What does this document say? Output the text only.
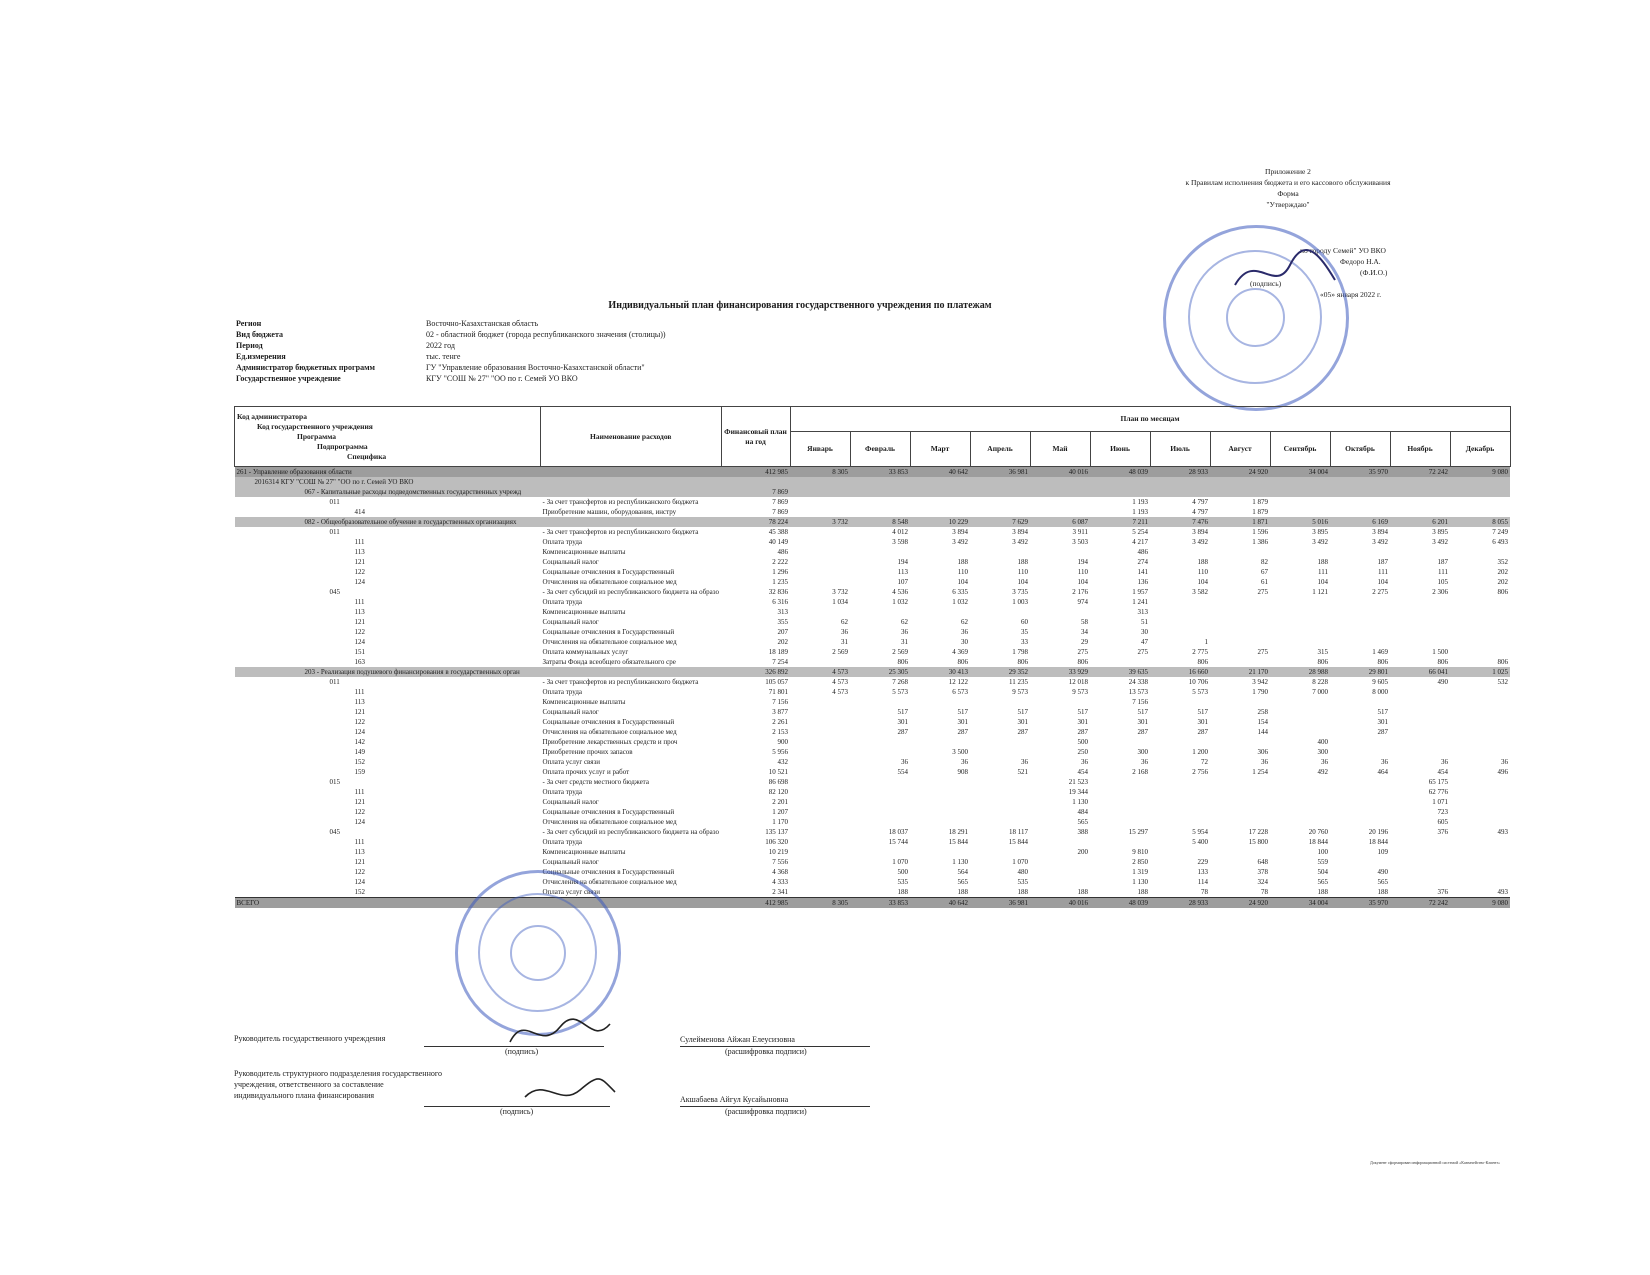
Приложение 2
к Правилам исполнения бюджета и его кассового обслуживания
Форма
"Утверждаю"
по городу Семей" УО ВКО
Федоро Н.А.
(Ф.И.О.)
(подпись)
«05» января 2022 г.
Индивидуальный план финансирования государственного учреждения по платежам
Регион	Восточно-Казахстанская область
Вид бюджета	02 - областной бюджет (города республиканского значения (столицы))
Период	2022 год
Ед.измерения	тыс. тенге
Администратор бюджетных программ	ГУ "Управление образования Восточно-Казахстанской области"
Государственное учреждение	КГУ "СОШ № 27" "ОО по г. Семей УО ВКО
Код администратора
Код государственного учреждения
Программа
Подпрограмма
Специфика	Наименование расходов	Финансовый план на год	План по месяцам											
			Январь	Февраль	Март	Апрель	Май	Июнь	Июль	Август	Сентябрь	Октябрь	Ноябрь	Декабрь
261 - Управление образования области		412 985	8 305	33 853	40 642	36 981	40 016	48 039	28 933	24 920	34 004	35 970	72 242	9 080
2016314 КГУ "СОШ № 27" "ОО по г. Семей УО ВКО														
067 - Капитальные расходы подведомственных государственных учрежд		7 869												
011	- За счет трансфертов из республиканского бюджета	7 869						1 193	4 797	1 879				
414	Приобретение машин, оборудования, инстру	7 869						1 193	4 797	1 879				
082 - Общеобразовательное обучение в государственных организациях		78 224	3 732	8 548	10 229	7 629	6 087	7 211	7 476	1 871	5 016	6 169	6 201	8 055
011	- За счет трансфертов из республиканского бюджета	45 388		4 012	3 894	3 894	3 911	5 254	3 894	1 596	3 895	3 894	3 895	7 249
111	Оплата труда	40 149		3 598	3 492	3 492	3 503	4 217	3 492	1 386	3 492	3 492	3 492	6 493
113	Компенсационные выплаты	486						486						
121	Социальный налог	2 222		194	188	188	194	274	188	82	188	187	187	352
122	Социальные отчисления в Государственный	1 296		113	110	110	110	141	110	67	111	111	111	202
124	Отчисления на обязательное социальное мед	1 235		107	104	104	104	136	104	61	104	104	105	202
045	- За счет субсидий из республиканского бюджета на образо	32 836	3 732	4 536	6 335	3 735	2 176	1 957	3 582	275	1 121	2 275	2 306	806
111	Оплата труда	6 316	1 034	1 032	1 032	1 003	974	1 241						
113	Компенсационные выплаты	313						313						
121	Социальный налог	355	62	62	62	60	58	51						
122	Социальные отчисления в Государственный	207	36	36	36	35	34	30						
124	Отчисления на обязательное социальное мед	202	31	31	30	33	29	47	1					
151	Оплата коммунальных услуг	18 189	2 569	2 569	4 369	1 798	275	275	2 775	275	315	1 469	1 500	
163	Затраты Фонда всеобщего обязательного сре	7 254		806	806	806	806		806		806	806	806	806
203 - Реализация подушевого финансирования в государственных орган		326 892	4 573	25 305	30 413	29 352	33 929	39 635	16 660	21 170	28 988	29 801	66 041	1 025
011	- За счет трансфертов из республиканского бюджета	105 057	4 573	7 268	12 122	11 235	12 018	24 338	10 706	3 942	8 228	9 605	490	532
111	Оплата труда	71 801	4 573	5 573	6 573	9 573	9 573	13 573	5 573	1 790	7 000	8 000		
113	Компенсационные выплаты	7 156						7 156						
121	Социальный налог	3 877		517	517	517	517	517	517	258		517		
122	Социальные отчисления в Государственный	2 261		301	301	301	301	301	301	154		301		
124	Отчисления на обязательное социальное мед	2 153		287	287	287	287	287	287	144		287		
142	Приобретение лекарственных средств и проч	900					500				400			
149	Приобретение прочих запасов	5 956			3 500		250	300	1 200	306	300			
152	Оплата услуг связи	432		36	36	36	36	36	72	36	36	36	36	36
159	Оплата прочих услуг и работ	10 521		554	908	521	454	2 168	2 756	1 254	492	464	454	496
015	- За счет средств местного бюджета	86 698					21 523						65 175	
111	Оплата труда	82 120					19 344						62 776	
121	Социальный налог	2 201					1 130						1 071	
122	Социальные отчисления в Государственный	1 207					484						723	
124	Отчисления на обязательное социальное мед	1 170					565						605	
045	- За счет субсидий из республиканского бюджета на образо	135 137		18 037	18 291	18 117	388	15 297	5 954	17 228	20 760	20 196	376	493
111	Оплата труда	106 320		15 744	15 844	15 844			5 400	15 800	18 844	18 844		
113	Компенсационные выплаты	10 219					200	9 810			100	109		
121	Социальный налог	7 556		1 070	1 130	1 070		2 850	229	648	559			
122	Социальные отчисления в Государственный	4 368		500	564	480		1 319	133	378	504	490		
124	Отчисления на обязательное социальное мед	4 333		535	565	535		1 130	114	324	565	565		
152	Оплата услуг связи	2 341		188	188	188	188	188	78	78	188	188	376	493
ВСЕГО		412 985	8 305	33 853	40 642	36 981	40 016	48 039	28 933	24 920	34 004	35 970	72 242	9 080
Руководитель государственного учреждения
(подпись)
Сулейменова Айжан Елеусизовна
(расшифровка подписи)
Руководитель структурного подразделения государственного
учреждения, ответственного за составление
индивидуального плана финансирования
(подпись)
Акшабаева Айгул Кусайыновна
(расшифровка подписи)
Документ сформирован информационной системой «Казначейство-Клиент»
